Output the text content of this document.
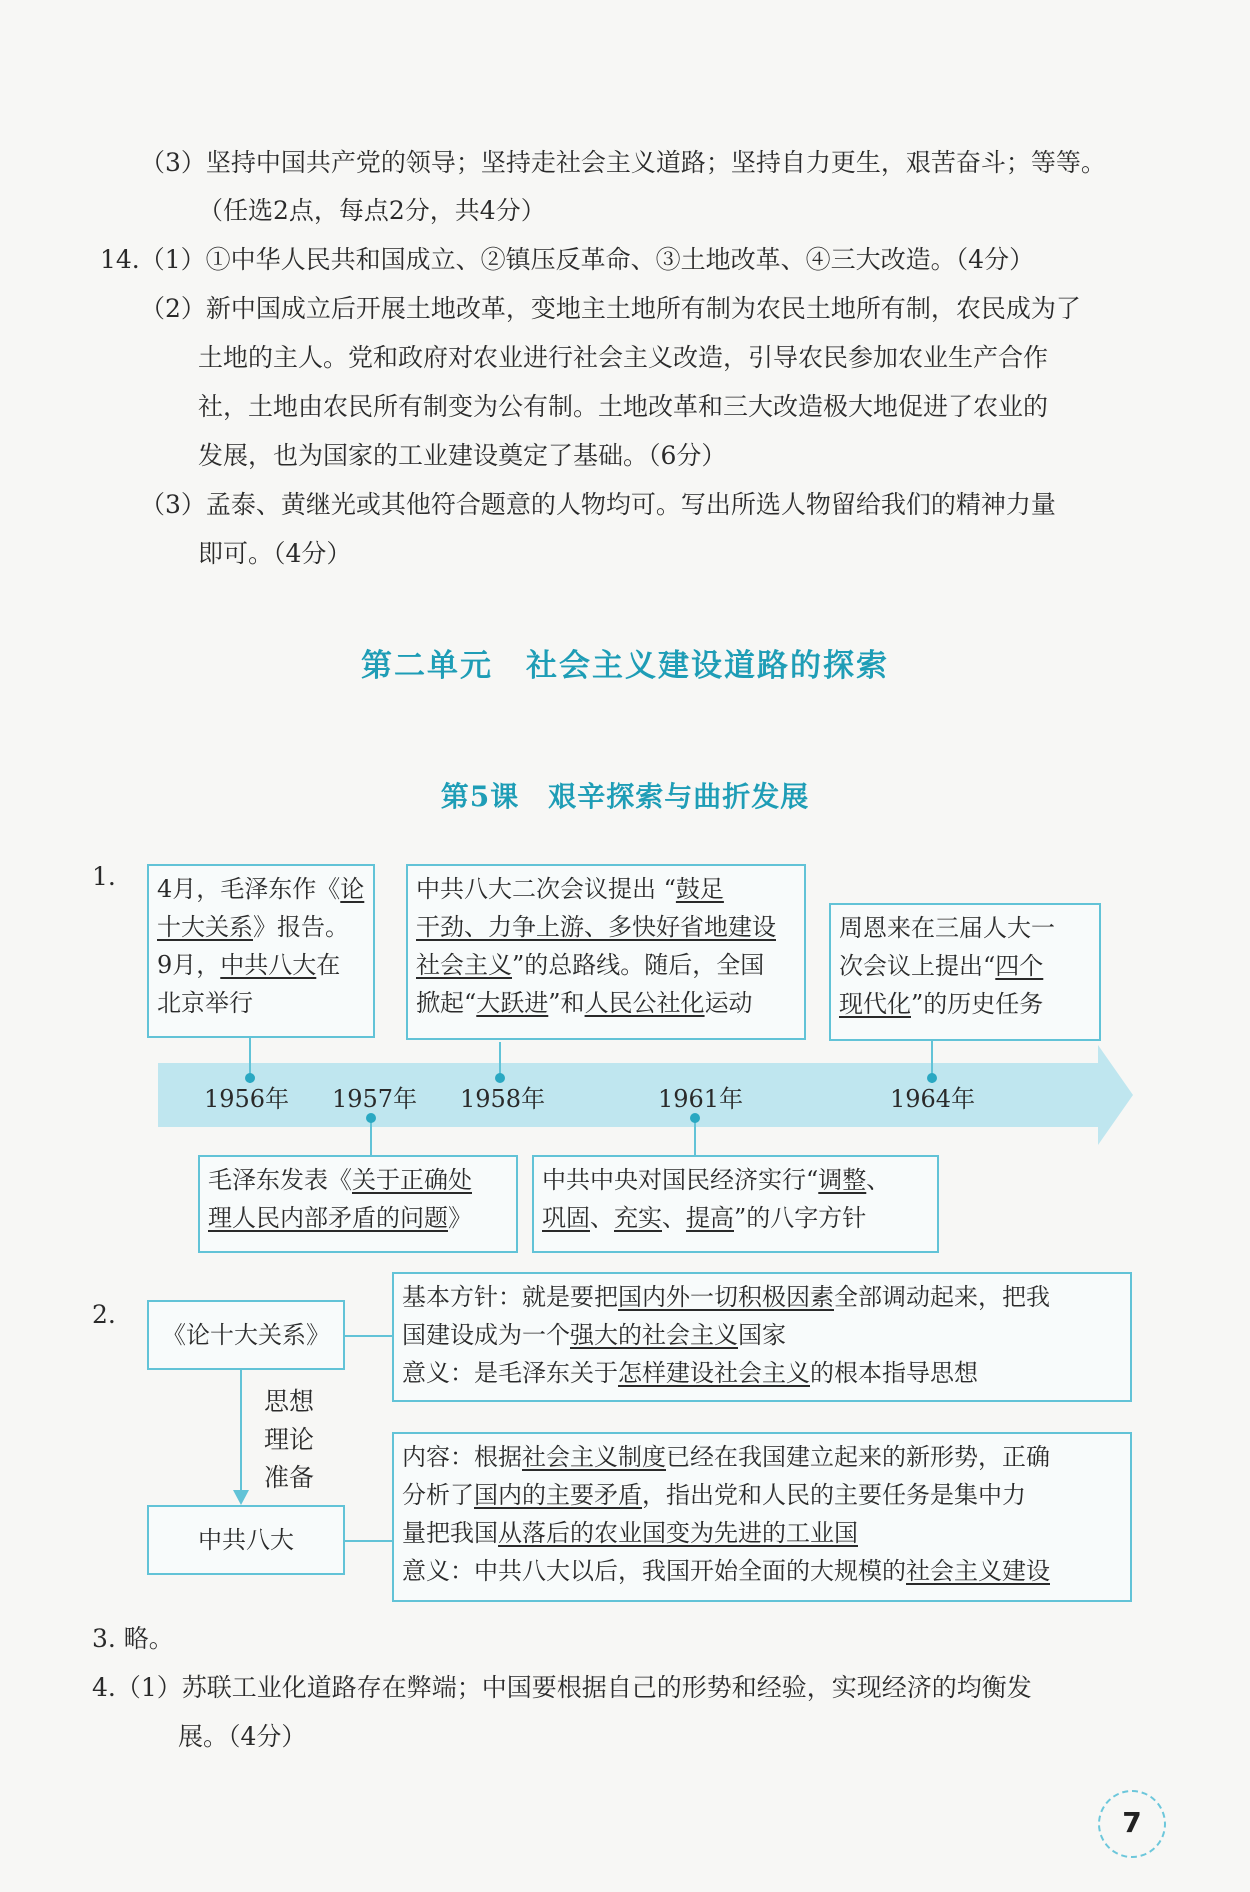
（3）坚持中国共产党的领导；坚持走社会主义道路；坚持自力更生，艰苦奋斗；等等。
（任选2点，每点2分，共4分）
14.（1）①中华人民共和国成立、②镇压反革命、③土地改革、④三大改造。（4分）
（2）新中国成立后开展土地改革，变地主土地所有制为农民土地所有制，农民成为了
土地的主人。党和政府对农业进行社会主义改造，引导农民参加农业生产合作
社，土地由农民所有制变为公有制。土地改革和三大改造极大地促进了农业的
发展，也为国家的工业建设奠定了基础。（6分）
（3）孟泰、黄继光或其他符合题意的人物均可。写出所选人物留给我们的精神力量
即可。（4分）
第二单元　社会主义建设道路的探索
第5课　艰辛探索与曲折发展
1.
1956年 1957年 1958年	1961年	1964年
4月，毛泽东作《论
十大关系》报告。
9月，中共八大在
北京举行
中共八大二次会议提出 “鼓足
干劲、力争上游、多快好省地建设
社会主义”的总路线。随后，全国
掀起“大跃进”和人民公社化运动
周恩来在三届人大一
次会议上提出“四个
现代化”的历史任务
毛泽东发表《关于正确处
理人民内部矛盾的问题》
中共中央对国民经济实行“调整、
巩固、充实、提高”的八字方针
2.
《论十大关系》
中共八大
思想
理论
准备
基本方针：就是要把国内外一切积极因素全部调动起来，把我
国建设成为一个强大的社会主义国家
意义：是毛泽东关于怎样建设社会主义的根本指导思想
内容：根据社会主义制度已经在我国建立起来的新形势，正确
分析了国内的主要矛盾，指出党和人民的主要任务是集中力
量把我国从落后的农业国变为先进的工业国
意义：中共八大以后，我国开始全面的大规模的社会主义建设
3. 略。
4.（1）苏联工业化道路存在弊端；中国要根据自己的形势和经验，实现经济的均衡发
展。（4分）
7
